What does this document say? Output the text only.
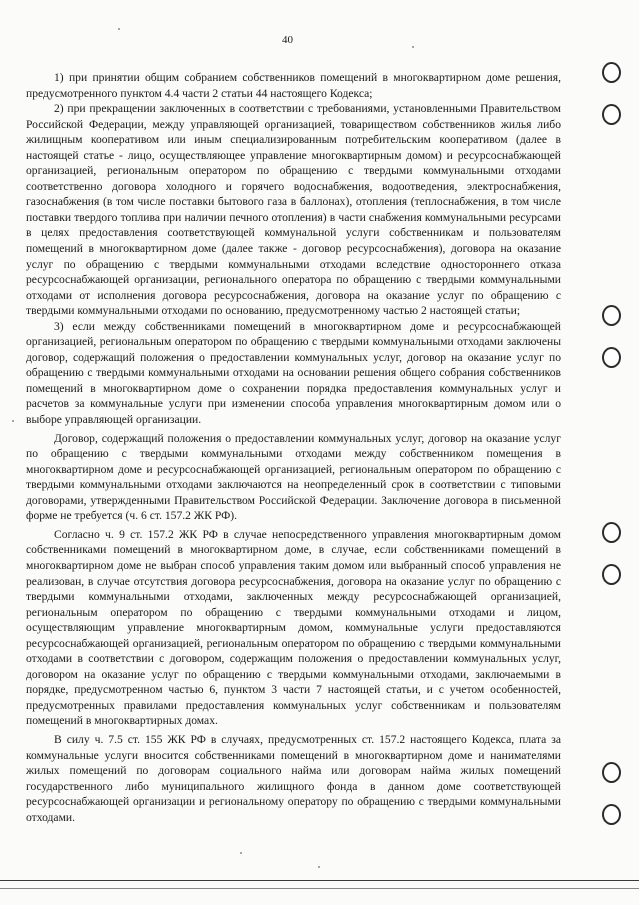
40

1) при принятии общим собранием собственников помещений в многоквартирном доме решения, предусмотренного пунктом 4.4 части 2 статьи 44 настоящего Кодекса;

2) при прекращении заключенных в соответствии с требованиями, установленными Правительством Российской Федерации, между управляющей организацией, товариществом собственников жилья либо жилищным кооперативом или иным специализированным потребительским кооперативом (далее в настоящей статье - лицо, осуществляющее управление многоквартирным домом) и ресурсоснабжающей организацией, региональным оператором по обращению с твердыми коммунальными отходами соответственно договора холодного и горячего водоснабжения, водоотведения, электроснабжения, газоснабжения (в том числе поставки бытового газа в баллонах), отопления (теплоснабжения, в том числе поставки твердого топлива при наличии печного отопления) в части снабжения коммунальными ресурсами в целях предоставления соответствующей коммунальной услуги собственникам и пользователям помещений в многоквартирном доме (далее также - договор ресурсоснабжения), договора на оказание услуг по обращению с твердыми коммунальными отходами вследствие одностороннего отказа ресурсоснабжающей организации, регионального оператора по обращению с твердыми коммунальными отходами от исполнения договора ресурсоснабжения, договора на оказание услуг по обращению с твердыми коммунальными отходами по основанию, предусмотренному частью 2 настоящей статьи;

3) если между собственниками помещений в многоквартирном доме и ресурсоснабжающей организацией, региональным оператором по обращению с твердыми коммунальными отходами заключены договор, содержащий положения о предоставлении коммунальных услуг, договор на оказание услуг по обращению с твердыми коммунальными отходами на основании решения общего собрания собственников помещений в многоквартирном доме о сохранении порядка предоставления коммунальных услуг и расчетов за коммунальные услуги при изменении способа управления многоквартирным домом или о выборе управляющей организации.

Договор, содержащий положения о предоставлении коммунальных услуг, договор на оказание услуг по обращению с твердыми коммунальными отходами между собственником помещения в многоквартирном доме и ресурсоснабжающей организацией, региональным оператором по обращению с твердыми коммунальными отходами заключаются на неопределенный срок в соответствии с типовыми договорами, утвержденными Правительством Российской Федерации. Заключение договора в письменной форме не требуется (ч. 6 ст. 157.2 ЖК РФ).

Согласно ч. 9 ст. 157.2 ЖК РФ в случае непосредственного управления многоквартирным домом собственниками помещений в многоквартирном доме, в случае, если собственниками помещений в многоквартирном доме не выбран способ управления таким домом или выбранный способ управления не реализован, в случае отсутствия договора ресурсоснабжения, договора на оказание услуг по обращению с твердыми коммунальными отходами, заключенных между ресурсоснабжающей организацией, региональным оператором по обращению с твердыми коммунальными отходами и лицом, осуществляющим управление многоквартирным домом, коммунальные услуги предоставляются ресурсоснабжающей организацией, региональным оператором по обращению с твердыми коммунальными отходами в соответствии с договором, содержащим положения о предоставлении коммунальных услуг, договором на оказание услуг по обращению с твердыми коммунальными отходами, заключаемыми в порядке, предусмотренном частью 6, пунктом 3 части 7 настоящей статьи, и с учетом особенностей, предусмотренных правилами предоставления коммунальных услуг собственникам и пользователям помещений в многоквартирных домах.

В силу ч. 7.5 ст. 155 ЖК РФ в случаях, предусмотренных ст. 157.2 настоящего Кодекса, плата за коммунальные услуги вносится собственниками помещений в многоквартирном доме и нанимателями жилых помещений по договорам социального найма или договорам найма жилых помещений государственного либо муниципального жилищного фонда в данном доме соответствующей ресурсоснабжающей организации и региональному оператору по обращению с твердыми коммунальными отходами.
